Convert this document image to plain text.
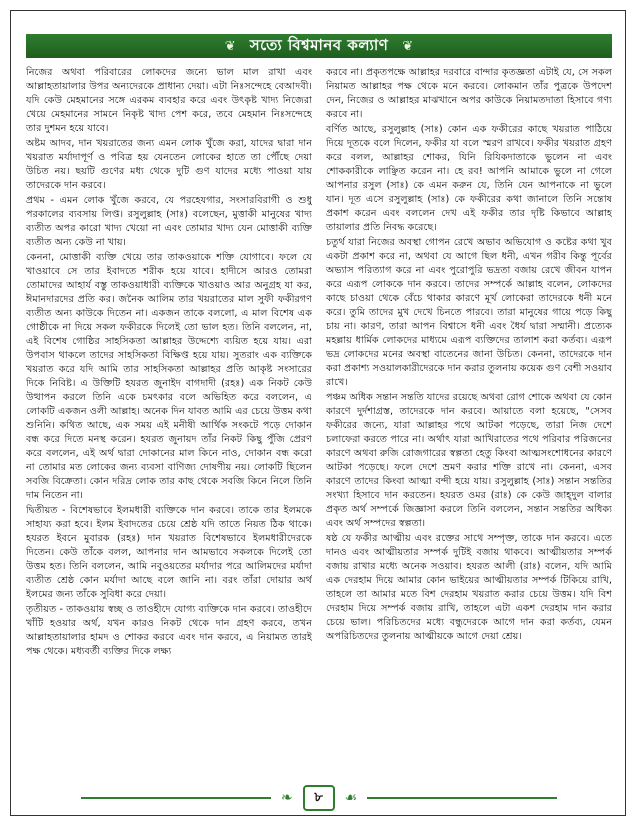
❦ সত্যে বিশ্বমানব কল্যাণ	❦

নিজের অথবা পরিবারের লোকদের জন্যে ভাল মাল রাখা এবং আল্লাহতায়ালার উপর অন্যদেরকে প্রাধান্য দেয়া। এটা নিঃসন্দেহে বেআদবী। যদি কেউ মেহমানের সঙ্গে এরকম ব্যবহার করে এবং উৎকৃষ্ট খাদ্য নিজেরা খেয়ে মেহমানের সামনে নিকৃষ্ট খাদ্য পেশ করে, তবে মেহমান নিঃসন্দেহে তার দুশমন হয়ে যাবে।

অষ্টম আদব, দান খয়রাতের জন্য এমন লোক খুঁজে করা, যাদের দ্বারা দান খয়রাত মর্যাদাপূর্ণ ও পবিত্র হয় যেনতেন লোকের হাতে তা পৌঁছে দেয়া উচিত নয়। ছয়টি গুণের মধ্য থেকে দুটি গুণ যাদের মধ্যে পাওয়া যায় তাদেরকে দান করবে।

প্রথম - এমন লোক খুঁজে করবে, যে পরহেযগার, সংসারবিরাগী ও শুধু পরকালের ব্যবসায় লিপ্ত। রসুলুল্লাহ (সাঃ) বলেছেন, মুত্তাকী মানুষের খাদ্য ব্যতীত অপর কারো খাদ্য খেয়ো না এবং তোমার খাদ্য যেন মোত্তাকী ব্যক্তি ব্যতীত অন্য কেউ না খায়।

কেননা, মোত্তাকী ব্যক্তি খেয়ে তার তাকওয়াকে শক্তি যোগাবে। ফলে যে খাওয়াবে সে তার ইবাদতে শরীক হয়ে যাবে। হাদীসে আরও তোমরা তোমাদের আহার্য বস্তু তাকওয়াধারী ব্যক্তিকে খাওয়াও আর অনুগ্রহ যা কর, ঈমানদারদের প্রতি কর। জনৈক আলিম তার খয়রাতের মাল সুফী ফকীরগণ ব্যতীত অন্য কাউকে দিতেন না। একজন তাকে বললো, এ মাল বিশেষ এক গোষ্ঠীকে না দিয়ে সকল ফকীরকে দিলেই তো ভাল হত। তিনি বললেন, না, এই বিশেষ গোষ্ঠির সাহসিকতা আল্লাহর উদ্দেশ্যে ব্যয়িত হয়ে যায়। এরা উপবাস থাকলে তাদের সাহসিকতা বিক্ষিপ্ত হয়ে যায়। সুতরাং এক ব্যক্তিকে খয়রাত করে যদি আমি তার সাহসিকতা আল্লাহর প্রতি আকৃষ্ট সংসারের দিকে নিবিষ্ট। এ উক্তিটি হযরত জুনাইদ বাগদাদী (রহঃ) এক নিকট কেউ উত্থাপন করলে তিনি একে চমৎকার বলে অভিহিত করে বললেন, এ লোকটি একজন ওলী আল্লাহ। অনেক দিন যাবত আমি এর চেয়ে উত্তম কথা শুনিনি। কথিত আছে, এক সময় এই মনীষী আর্থিক সংকটে পড়ে দোকান বন্ধ করে দিতে মনস্থ করেন। হযরত জুনায়দ তাঁর নিকট কিছু পুঁজি প্রেরণ করে বললেন, এই অর্থ দ্বারা দোকানের মাল কিনে নাও, দোকান বন্ধ করো না তোমার মত লোকের জন্য ব্যবসা বাণিজ্য দোষণীয় নয়। লোকটি ছিলেন সবজি বিক্রেতা। কোন দরিদ্র লোক তার কাছ থেকে সবজি কিনে নিলে তিনি দাম নিতেন না।

দ্বিতীয়ত - বিশেষভাবে ইলমধারী ব্যক্তিকে দান করবে। তাকে তার ইলমকে সাহায্য করা হবে। ইলম ইবাদতের চেয়ে শ্রেষ্ঠ যদি তাতে নিয়ত ঠিক থাকে। হযরত ইবনে মুবারক (রহঃ) দান খয়রাত বিশেষভাবে ইলমধারীদেরকে দিতেন। কেউ তাঁকে বলল, আপনার দান আমভাবে সকলকে দিলেই তো উত্তম হত। তিনি বললেন, আমি নবুওয়তের মর্যাদার পরে আলিমদের মর্যাদা ব্যতীত শ্রেষ্ঠ কোন মর্যাদা আছে বলে জানি না। বরং তাঁরা দোয়ার অর্থ ইলমের জন্য তাঁকে সুবিধা করে দেয়া।

তৃতীয়ত - তাকওয়ায় স্বচ্ছ ও তাওহীদে যোগ্য ব্যক্তিকে দান করবে। তাওহীদে খাঁটি হওয়ার অর্থ, যখন কারও নিকট থেকে দান গ্রহণ করবে, তখন আল্লাহতায়ালার হামদ ও শোকর করবে এবং দান করবে, এ নিয়ামত তারই পক্ষ থেকে। মধ্যবর্তী ব্যক্তির দিকে লক্ষ্য

করবে না। প্রকৃতপক্ষে আল্লাহর দরবারে বান্দার কৃতজ্ঞতা এটাই যে, সে সকল নিয়ামত আল্লাহর পক্ষ থেকে মনে করবে। লোকমান তাঁর পুত্রকে উপদেশ দেন, নিজের ও আল্লাহর মাঝখানে অপর কাউকে নিয়ামতদাতা হিসাবে গণ্য করবে না।

বর্ণিত আছে, রসুলুল্লাহ (সাঃ) কোন এক ফকীরের কাছে খয়রাত পাঠিয়ে দিয়ে দূতকে বলে দিলেন, ফকীর যা বলে স্মরণ রাখবে। ফকীর খয়রাত গ্রহণ করে বলল, আল্লাহর শোকর, যিনি রিযিকদাতাকে ভুলেন না এবং শোককারীকে লাঞ্ছিত করেন না। হে রব! আপনি আমাকে ভুলে না গেলে আপনার রসুল (সাঃ) কে এমন করুন যে, তিনি যেন আপনাকে না ভুলে যান। দূত এসে রসুলুল্লাহ (সাঃ) কে ফকীরের কথা জানালে তিনি সন্তোষ প্রকাশ করেন এবং বললেন দেখ এই ফকীর তার দৃষ্টি কিভাবে আল্লাহ তায়ালার প্রতি নিবদ্ধ করেছে।

চতুর্থ যারা নিজের অবস্থা গোপন রেখে অভাব অভিযোগ ও কষ্টের কথা খুব একটা প্রকাশ করে না, অথবা যে আগে ছিল ধনী, এখন গরীব কিন্তু পূর্বের অভ্যাস পরিত্যাগ করে না এবং পুরোপুরি ভদ্রতা বজায় রেখে জীবন যাপন করে এরূপ লোককে দান করবে। তাদের সম্পর্কে আল্লাহ বলেন, লোকদের কাছে চাওয়া থেকে বেঁচে থাকার কারণে মূর্খ লোকেরা তাদেরকে ধনী মনে করে। তুমি তাদের মুখ দেখে চিনতে পারবে। তারা মানুষের গায়ে পড়ে কিছু চায় না। কারণ, তারা আপন বিশ্বাসে ধনী এবং ধৈর্য দ্বারা সম্মানী। প্রত্যেক মহল্লায় ধার্মিক লোকদের মাধ্যমে এরূপ ব্যক্তিদের তালাশ করা কর্তব্য। এরূপ ভদ্র লোকদের মনের অবস্থা বাতেনের জানা উচিত। কেননা, তাদেরকে দান করা প্রকাশ্য সওয়ালকারীদেরকে দান করার তুলনায় কয়েক গুণ বেশী সওয়াব রাখে।

পঞ্চম অধিক সন্তান সন্ততি যাদের রয়েছে অথবা রোগ শোকে অথবা যে কোন কারণে দুর্দশাগ্রস্ত, তাদেরকে দান করবে। আয়াতে বলা হয়েছে, "সেসব ফকীরের জন্যে, যারা আল্লাহর পথে আটকা পড়েছে, তারা নিজ দেশে চলাফেরা করতে পারে না। অর্থাৎ যারা আখিরাতের পথে পরিবার পরিজনের কারণে অথবা রুজি রোজগারের স্বল্পতা হেতু কিংবা আত্মসংশোধনের কারণে আটকা পড়েছে। ফলে দেশে ভ্রমণ করার শক্তি রাখে না। কেননা, এসব কারণে তাদের কিংবা আত্মা বন্দী হয়ে যায়। রসুলুল্লাহ (সাঃ) সন্তান সন্ততির সংখ্যা হিসাবে দান করতেন। হযরত ওমর (রাঃ) কে কেউ জাহ্দুল বালার প্রকৃত অর্থ সম্পর্কে জিজ্ঞাসা করলে তিনি বললেন, সন্তান সন্ততির অধিক্য এবং অর্থ সম্পদের স্বল্পতা।

ষষ্ঠ যে ফকীর আত্মীয় এবং রক্তের সাথে সম্পৃক্ত, তাকে দান করবে। এতে দানও এবং আত্মীয়তার সম্পর্ক দুটিই বজায় থাকবে। আত্মীয়তার সম্পর্ক বজায় রাখার মধ্যে অনেক সওয়াব। হযরত আলী (রাঃ) বলেন, যদি আমি এক দেরহাম দিয়ে আমার কোন ভাইয়ের আত্মীয়তার সম্পর্ক টিকিয়ে রাখি, তাহলে তা আমার মতে বিশ দেরহাম খয়রাত করার চেয়ে উত্তম। যদি বিশ দেরহাম দিয়ে সম্পর্ক বজায় রাখি, তাহলে এটা একশ দেরহাম দান করার চেয়ে ভাল। পরিচিতদের মধ্যে বন্ধুদেরকে আগে দান করা কর্তব্য, যেমন অপরিচিতদের তুলনায় আত্মীয়কে আগে দেয়া শ্রেয়।

❧	৮	☙
